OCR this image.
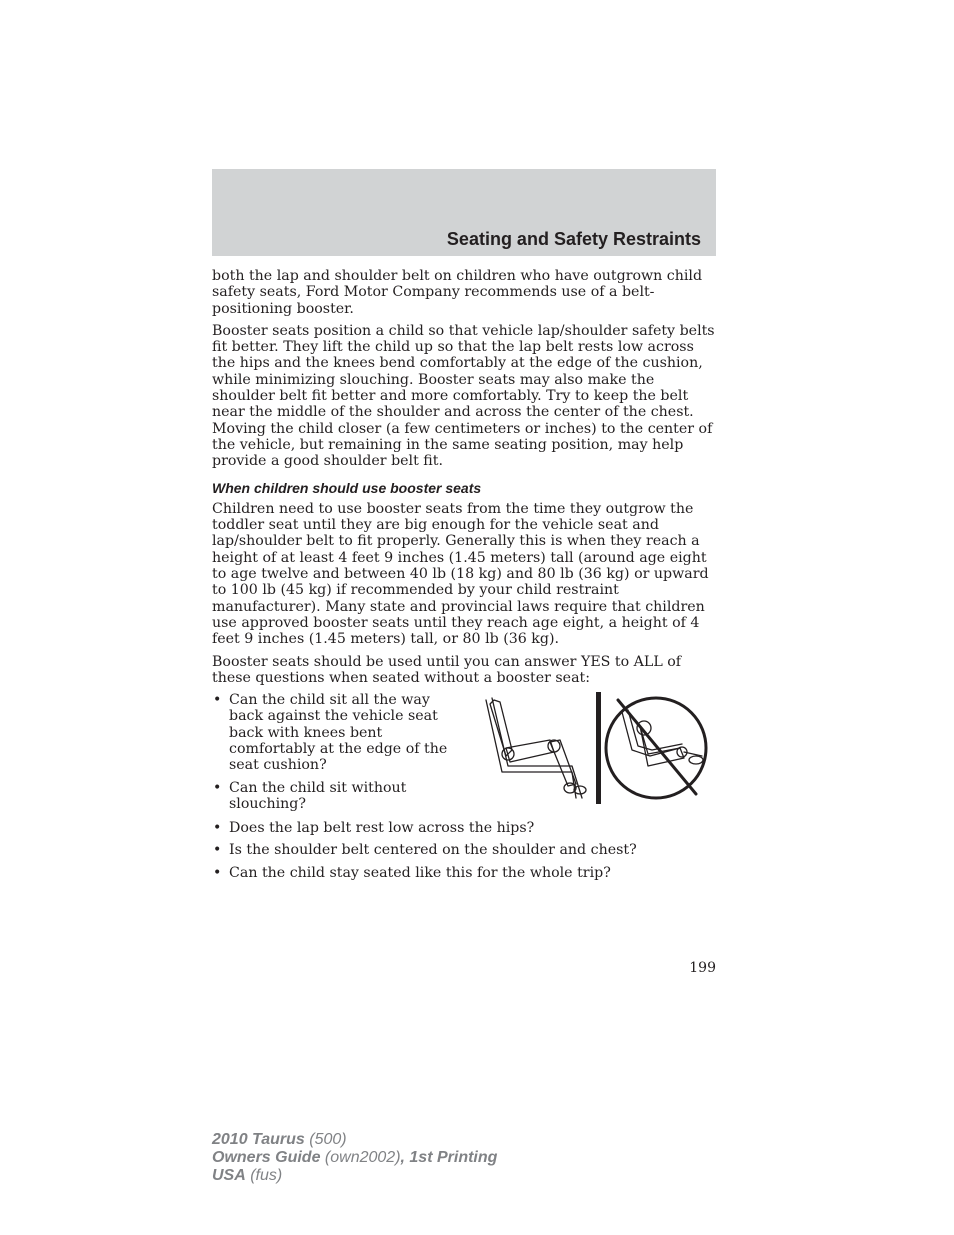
Seating and Safety Restraints

both the lap and shoulder belt on children who have outgrown child safety seats, Ford Motor Company recommends use of a belt-positioning booster.

Booster seats position a child so that vehicle lap/shoulder safety belts fit better. They lift the child up so that the lap belt rests low across the hips and the knees bend comfortably at the edge of the cushion, while minimizing slouching. Booster seats may also make the shoulder belt fit better and more comfortably. Try to keep the belt near the middle of the shoulder and across the center of the chest. Moving the child closer (a few centimeters or inches) to the center of the vehicle, but remaining in the same seating position, may help provide a good shoulder belt fit.

When children should use booster seats

Children need to use booster seats from the time they outgrow the toddler seat until they are big enough for the vehicle seat and lap/shoulder belt to fit properly. Generally this is when they reach a height of at least 4 feet 9 inches (1.45 meters) tall (around age eight to age twelve and between 40 lb (18 kg) and 80 lb (36 kg) or upward to 100 lb (45 kg) if recommended by your child restraint manufacturer). Many state and provincial laws require that children use approved booster seats until they reach age eight, a height of 4 feet 9 inches (1.45 meters) tall, or 80 lb (36 kg).

Booster seats should be used until you can answer YES to ALL of these questions when seated without a booster seat:

• Can the child sit all the way back against the vehicle seat back with knees bent comfortably at the edge of the seat cushion?
• Can the child sit without slouching?
• Does the lap belt rest low across the hips?
• Is the shoulder belt centered on the shoulder and chest?
• Can the child stay seated like this for the whole trip?
199
2010 Taurus (500)
Owners Guide (own2002), 1st Printing
USA (fus)
